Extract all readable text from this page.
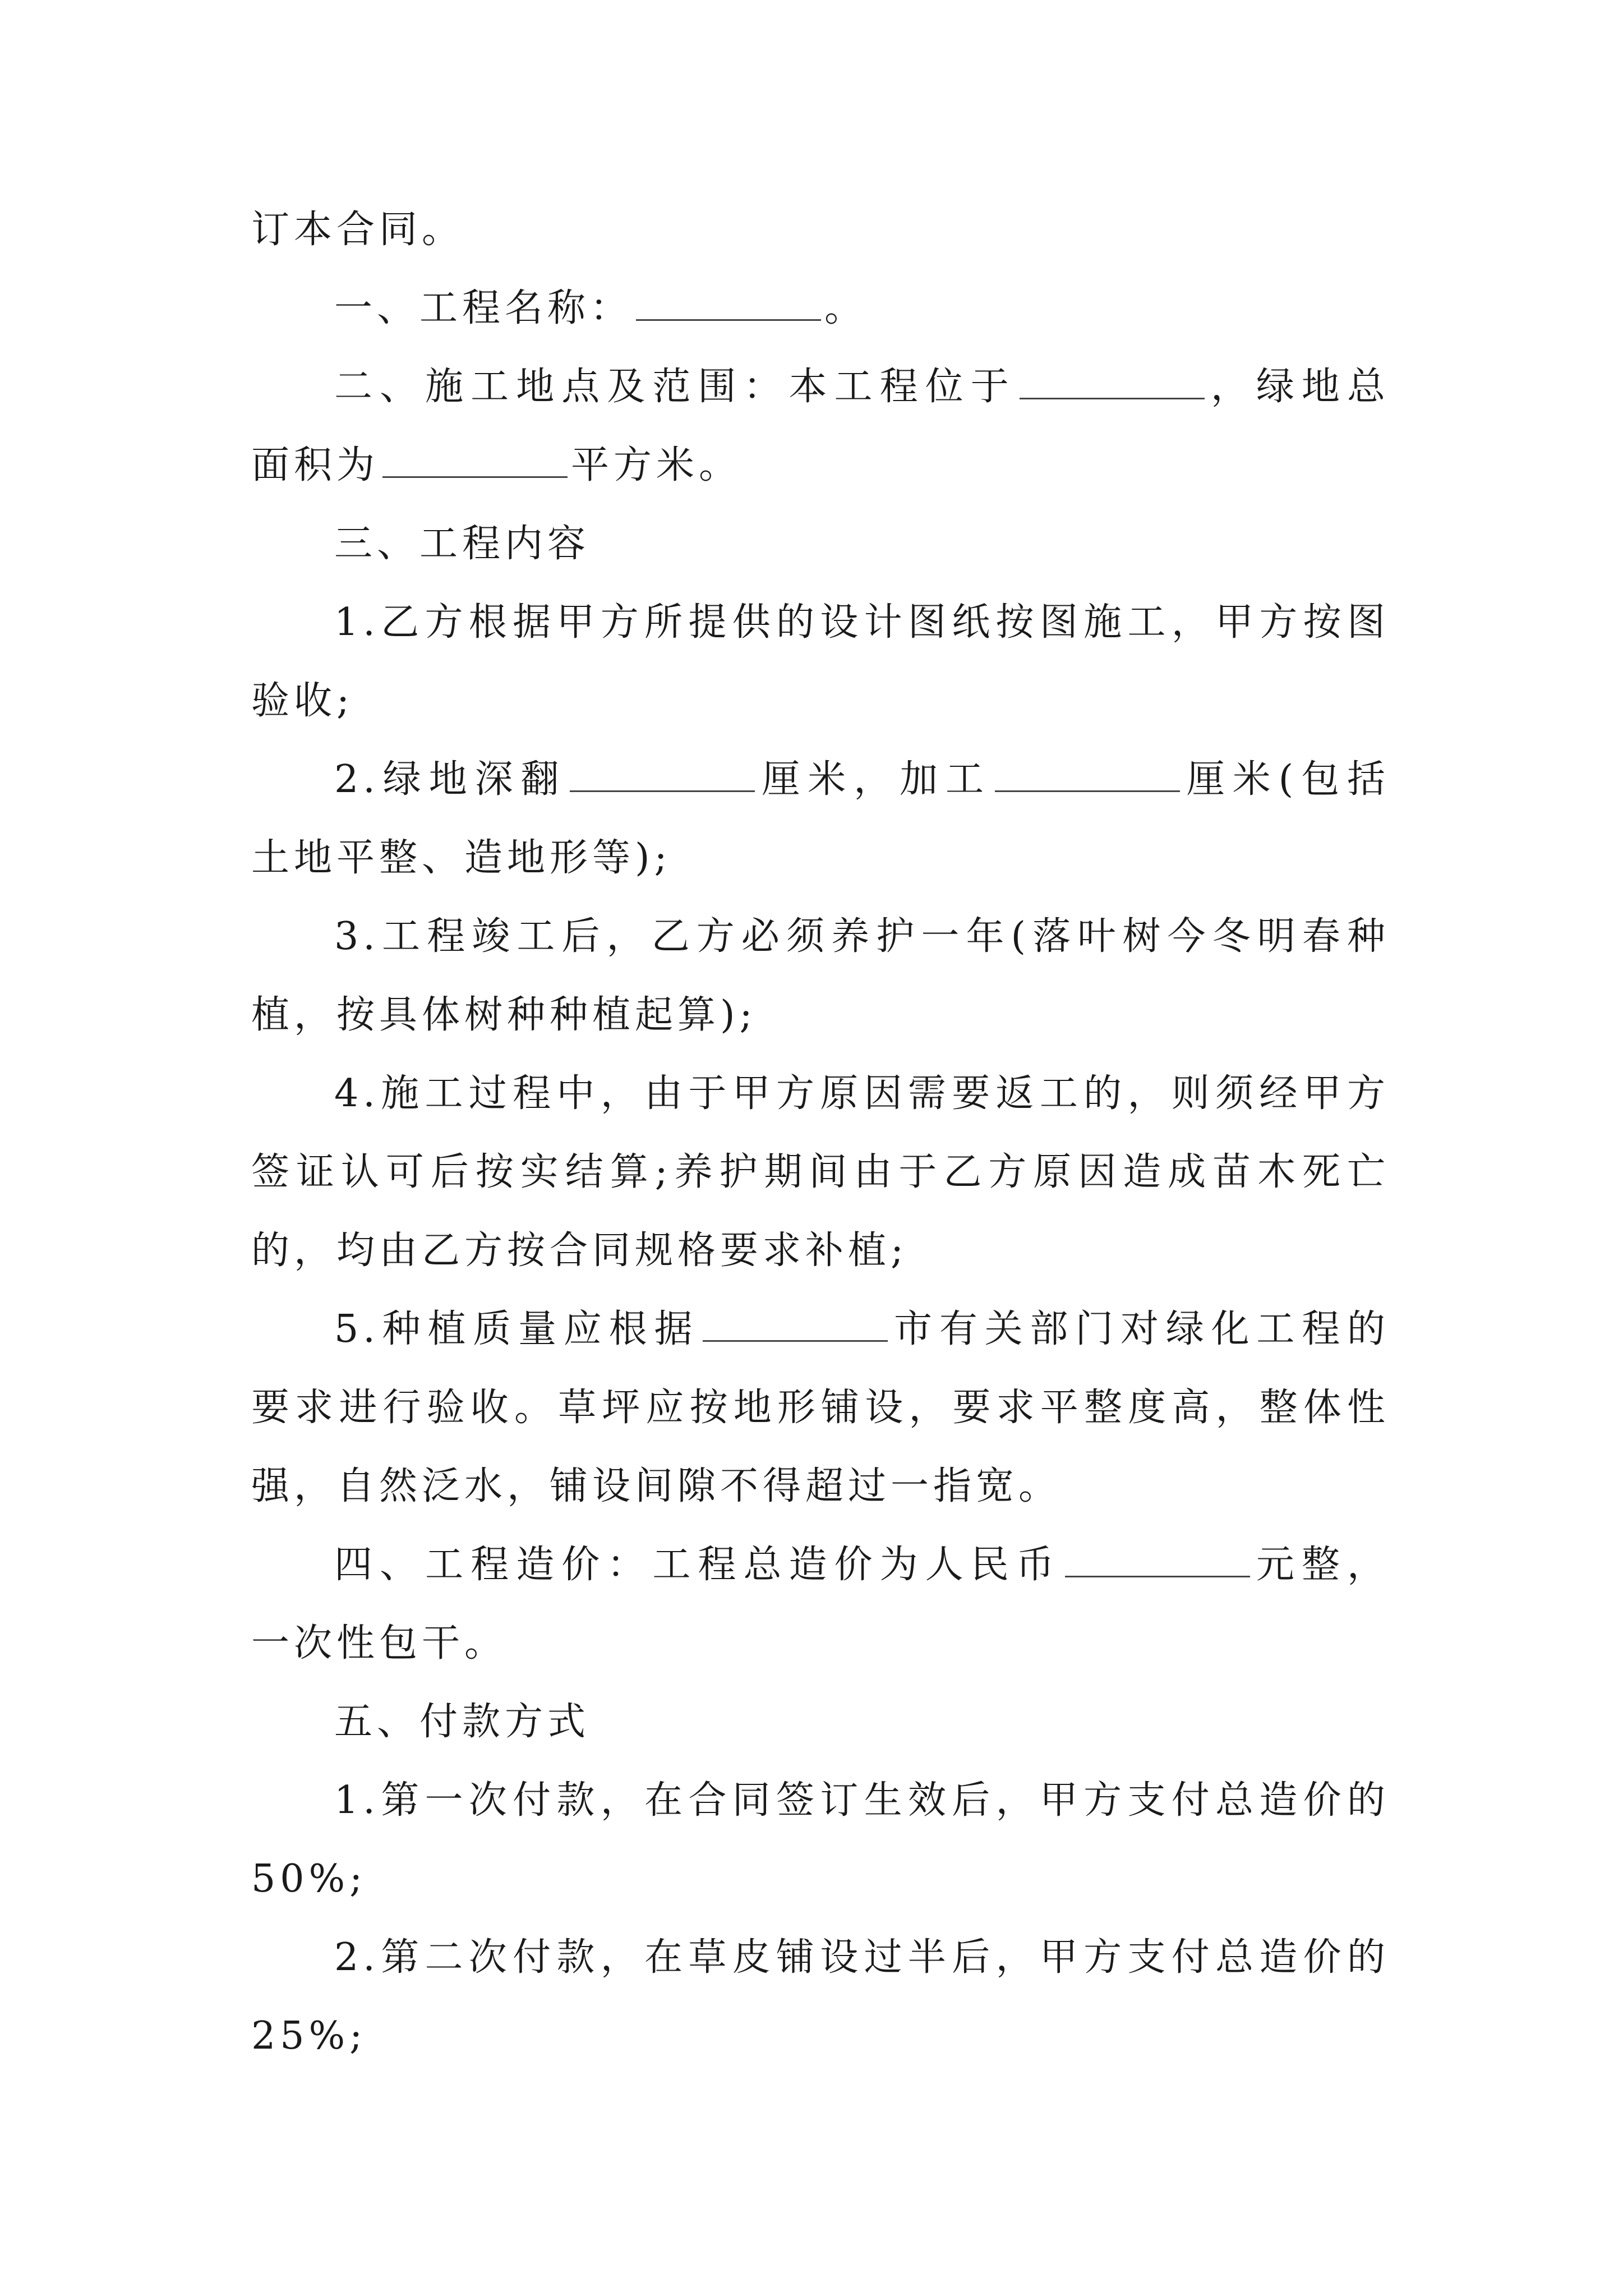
订本合同。
一、工程名称：	。
二、施工地点及范围：本工程位于	，绿地总
面积为	平方米。
三、工程内容
1.乙方根据甲方所提供的设计图纸按图施工，甲方按图
验收;
2.绿地深翻	厘米，加工	厘米(包括
土地平整、造地形等);
3.工程竣工后，乙方必须养护一年(落叶树今冬明春种
植，按具体树种种植起算);
4.施工过程中，由于甲方原因需要返工的，则须经甲方
签证认可后按实结算;养护期间由于乙方原因造成苗木死亡
的，均由乙方按合同规格要求补植;
5.种植质量应根据	市有关部门对绿化工程的
要求进行验收。草坪应按地形铺设，要求平整度高，整体性
强，自然泛水，铺设间隙不得超过一指宽。
四、工程造价：工程总造价为人民币	元整，
一次性包干。
五、付款方式
1.第一次付款，在合同签订生效后，甲方支付总造价的
50%;
2.第二次付款，在草皮铺设过半后，甲方支付总造价的
25%;
